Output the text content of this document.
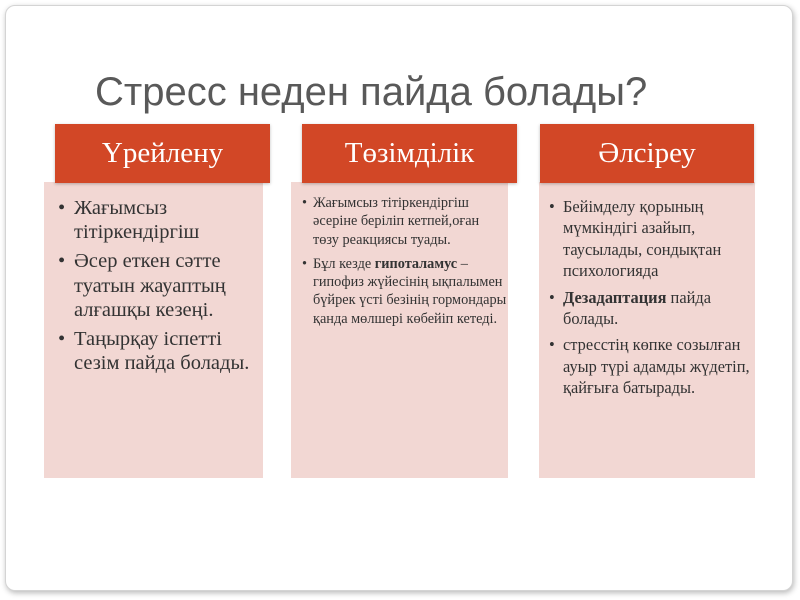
Стресс неден пайда болады?
• Жағымсыз тітіркендіргіш
• Әсер еткен сәтте туатын жауаптың алғашқы кезеңі.
• Таңырқау іспетті сезім пайда болады.
Үрейлену
• Жағымсыз тітіркендіргіш әсеріне беріліп кетпей,оған төзу реакциясы туады.
• Бұл кезде гипоталамус – гипофиз жүйесінің ықпалымен бүйрек үсті безінің гормондары қанда мөлшері көбейіп кетеді.
Төзімділік
• Бейімделу қорының мүмкіндігі азайып, таусылады, сондықтан психологияда
• Дезадаптация пайда болады.
• стресстің көпке созылған ауыр түрі адамды жүдетіп, қайғыға батырады.
Әлсіреу
